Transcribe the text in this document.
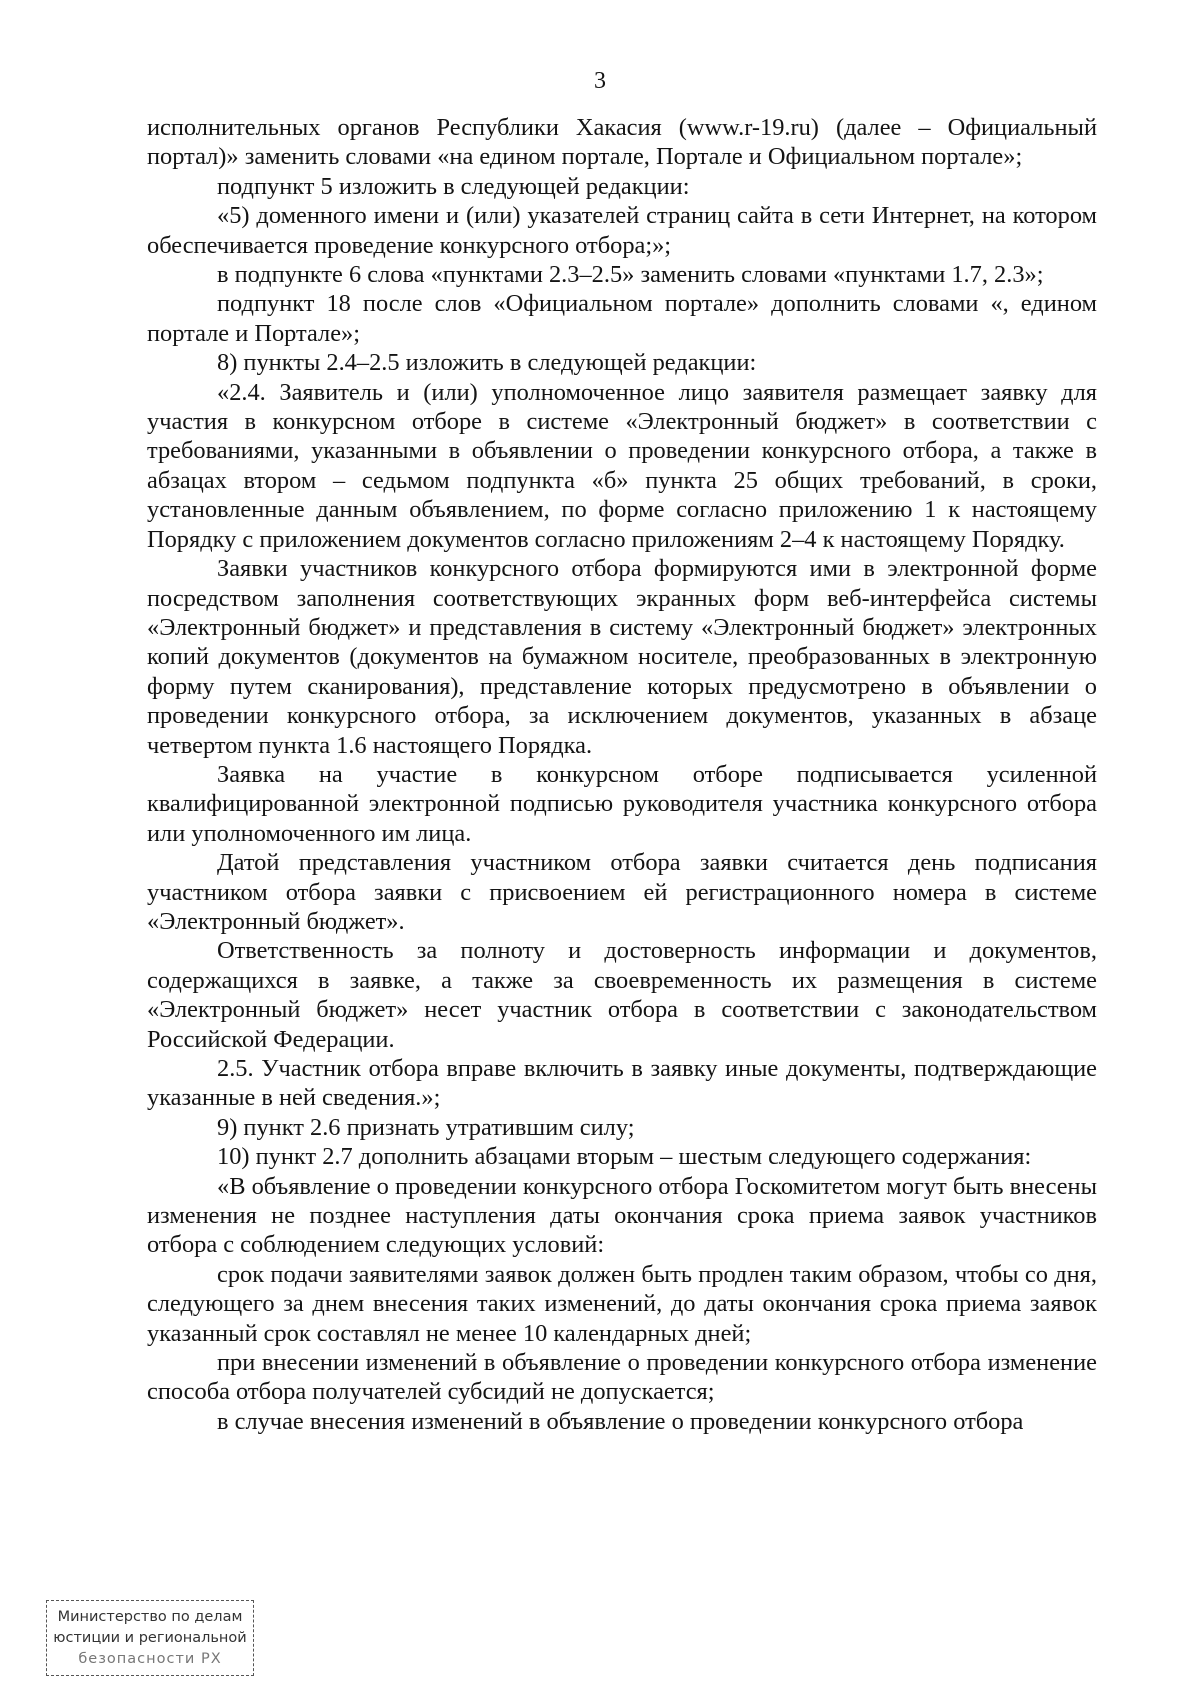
3

исполнительных органов Республики Хакасия (www.r-19.ru) (далее – Официальный портал)» заменить словами «на едином портале, Портале и Официальном портале»;

подпункт 5 изложить в следующей редакции:

«5) доменного имени и (или) указателей страниц сайта в сети Интернет, на котором обеспечивается проведение конкурсного отбора;»;

в подпункте 6 слова «пунктами 2.3–2.5» заменить словами «пунктами 1.7, 2.3»;

подпункт 18 после слов «Официальном портале» дополнить словами «, едином портале и Портале»;

8) пункты 2.4–2.5 изложить в следующей редакции:

«2.4. Заявитель и (или) уполномоченное лицо заявителя размещает заявку для участия в конкурсном отборе в системе «Электронный бюджет» в соответствии с требованиями, указанными в объявлении о проведении конкурсного отбора, а также в абзацах втором – седьмом подпункта «б» пункта 25 общих требований, в сроки, установленные данным объявлением, по форме согласно приложению 1 к настоящему Порядку с приложением документов согласно приложениям 2–4 к настоящему Порядку.

Заявки участников конкурсного отбора формируются ими в электронной форме посредством заполнения соответствующих экранных форм веб-интерфейса системы «Электронный бюджет» и представления в систему «Электронный бюджет» электронных копий документов (документов на бумажном носителе, преобразованных в электронную форму путем сканирования), представление которых предусмотрено в объявлении о проведении конкурсного отбора, за исключением документов, указанных в абзаце четвертом пункта 1.6 настоящего Порядка.

Заявка на участие в конкурсном отборе подписывается усиленной квалифицированной электронной подписью руководителя участника конкурсного отбора или уполномоченного им лица.

Датой представления участником отбора заявки считается день подписания участником отбора заявки с присвоением ей регистрационного номера в системе «Электронный бюджет».

Ответственность за полноту и достоверность информации и документов, содержащихся в заявке, а также за своевременность их размещения в системе «Электронный бюджет» несет участник отбора в соответствии с законодательством Российской Федерации.

2.5. Участник отбора вправе включить в заявку иные документы, подтверждающие указанные в ней сведения.»;

9) пункт 2.6 признать утратившим силу;

10) пункт 2.7 дополнить абзацами вторым – шестым следующего содержания:

«В объявление о проведении конкурсного отбора Госкомитетом могут быть внесены изменения не позднее наступления даты окончания срока приема заявок участников отбора с соблюдением следующих условий:

срок подачи заявителями заявок должен быть продлен таким образом, чтобы со дня, следующего за днем внесения таких изменений, до даты окончания срока приема заявок указанный срок составлял не менее 10 календарных дней;

при внесении изменений в объявление о проведении конкурсного отбора изменение способа отбора получателей субсидий не допускается;

в случае внесения изменений в объявление о проведении конкурсного отбора

Министерство по делам
юстиции и региональной
безопасности РХ
